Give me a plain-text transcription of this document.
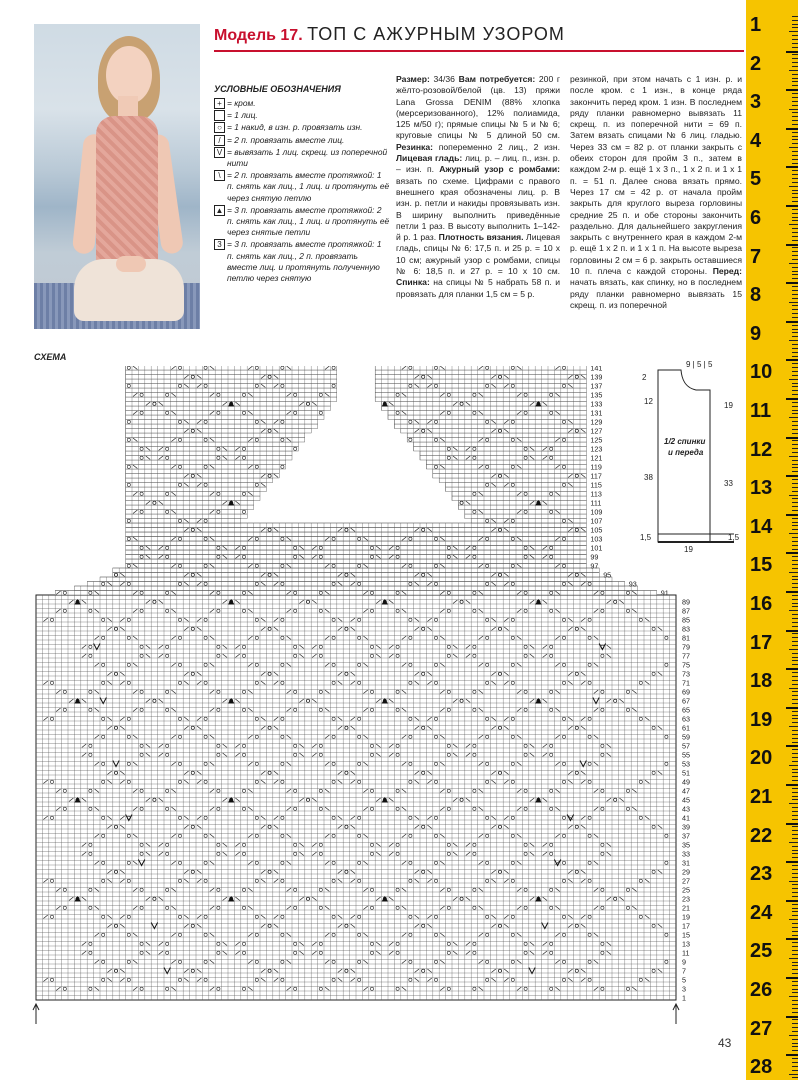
Модель 17. ТОП С АЖУРНЫМ УЗОРОМ
УСЛОВНЫЕ ОБОЗНАЧЕНИЯ
+ = кром.
= 1 лиц.
○ = 1 накид, в изн. р. провязать изн.
/ = 2 п. провязать вместе лиц.
V = вывязать 1 лиц. скрещ. из поперечной нити
\ = 2 п. провязать вместе протяжкой: 1 п. снять как лиц., 1 лиц. и протянуть её через снятую петлю
▲ = 3 п. провязать вместе протяжкой: 2 п. снять как лиц., 1 лиц. и протянуть её через снятые петли
3 = 3 п. провязать вместе протяжкой: 1 п. снять как лиц., 2 п. провязать вместе лиц. и протянуть полученную петлю через снятую

Размер: 34/36 Вам потребуется: 200 г жёлто-розовой/белой (цв. 13) пряжи Lana Grossa DENIM (88% хлопка (мерсеризованного), 12% полиамида, 125 м/50 г); прямые спицы № 5 и № 6; круговые спицы № 5 длиной 50 см. Резинка: попеременно 2 лиц., 2 изн. Лицевая гладь: лиц. р. – лиц. п., изн. р. – изн. п. Ажурный узор с ромбами: вязать по схеме. Цифрами с правого внешнего края обозначены лиц. р. В изн. р. петли и накиды провязывать изн. В ширину выполнить приведённые петли 1 раз. В высоту выполнить 1–142-й р. 1 раз. Плотность вязания. Лицевая гладь, спицы № 6: 17,5 п. и 25 р. = 10 х 10 см; ажурный узор с ромбами, спицы № 6: 18,5 п. и 27 р. = 10 х 10 см. Спинка: на спицы № 5 набрать 58 п. и провязать для планки 1,5 см = 5 р.

резинкой, при этом начать с 1 изн. р. и после кром. с 1 изн., в конце ряда закончить перед кром. 1 изн. В последнем ряду планки равномерно вывязать 11 скрещ. п. из поперечной нити = 69 п. Затем вязать спицами № 6 лиц. гладью. Через 33 см = 82 р. от планки закрыть с обеих сторон для пройм 3 п., затем в каждом 2-м р. ещё 1 х 3 п., 1 х 2 п. и 1 х 1 п. = 51 п. Далее снова вязать прямо. Через 17 см = 42 р. от начала пройм закрыть для круглого выреза горловины средние 25 п. и обе стороны закончить раздельно. Для дальнейшего закругления закрыть с внутреннего края в каждом 2-м р. ещё 1 х 2 п. и 1 х 1 п. На высоте выреза горловины 2 см = 6 р. закрыть оставшиеся 10 п. плеча с каждой стороны. Перед: начать вязать, как спинку, но в последнем ряду планки равномерно вывязать 15 скрещ. п. из поперечной

СХЕМА
89
87
85
83
81
79
77
75
73
71
69
67
65
63
61
59
57
55
53
51
49
47
45
43
41
39
37
35
33
31
29
27
25
23
21
19
17
15
13
11
9
7
5
3
1
141
139
137
135
133
131
129
127
125
123
121
119
117
115
113
111
109
107
105
103
101
99
97
95
93
91
9 | 5 | 5
2
12
38
19
33
1,5
19
1,5
1/2 спинки
и переда
1
2
3
4
5
6
7
8
9
10
11
12
13
14
15
16
17
18
19
20
21
22
23
24
25
26
27
28
43
